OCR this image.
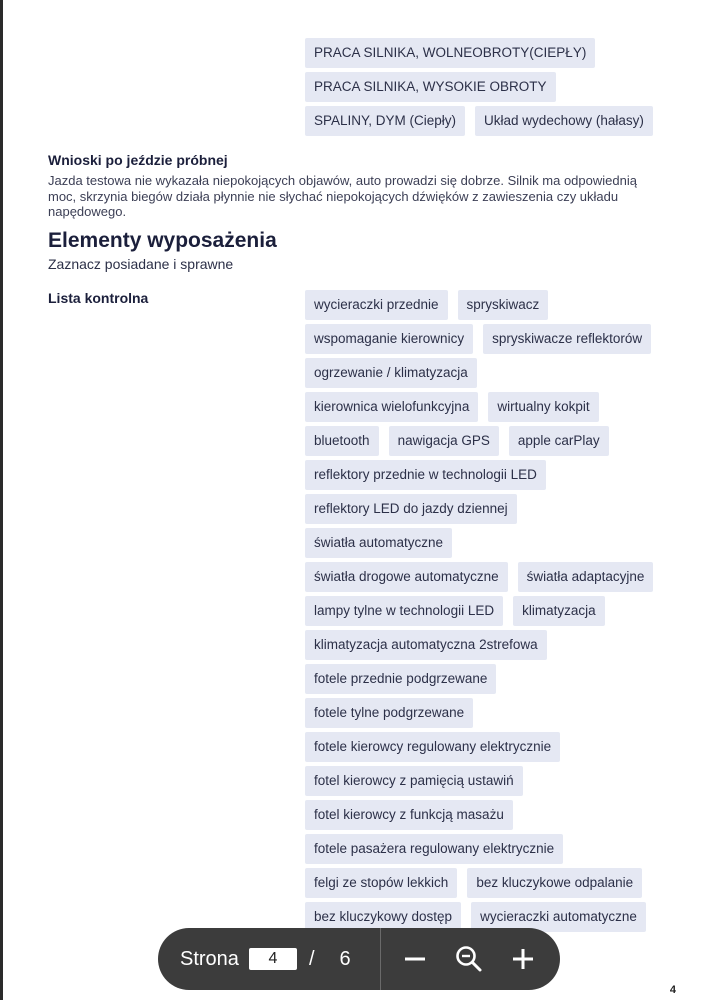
PRACA SILNIKA, WOLNEOBROTY(CIEPŁY)
PRACA SILNIKA, WYSOKIE OBROTY
SPALINY, DYM (Ciepły)	Układ wydechowy (hałasy)
Wnioski po jeździe próbnej
Jazda testowa nie wykazała niepokojących objawów, auto prowadzi się dobrze. Silnik ma odpowiednią moc, skrzynia biegów działa płynnie nie słychać niepokojących dźwięków z zawieszenia czy układu napędowego.
Elementy wyposażenia
Zaznacz posiadane i sprawne
Lista kontrolna	wycieraczki przednie	spryskiwacz
wspomaganie kierownicy	spryskiwacze reflektorów
ogrzewanie / klimatyzacja
kierownica wielofunkcyjna	wirtualny kokpit
bluetooth	nawigacja GPS	apple carPlay
reflektory przednie w technologii LED
reflektory LED do jazdy dziennej
światła automatyczne
światła drogowe automatyczne	światła adaptacyjne
lampy tylne w technologii LED	klimatyzacja
klimatyzacja automatyczna 2strefowa
fotele przednie podgrzewane
fotele tylne podgrzewane
fotele kierowcy regulowany elektrycznie
fotel kierowcy z pamięcią ustawiń
fotel kierowcy z funkcją masażu
fotele pasażera regulowany elektrycznie
felgi ze stopów lekkich	bez kluczykowe odpalanie
bez kluczykowy dostęp	wycieraczki automatyczne
Strona	4	/ 6
OTOMOTO	4
